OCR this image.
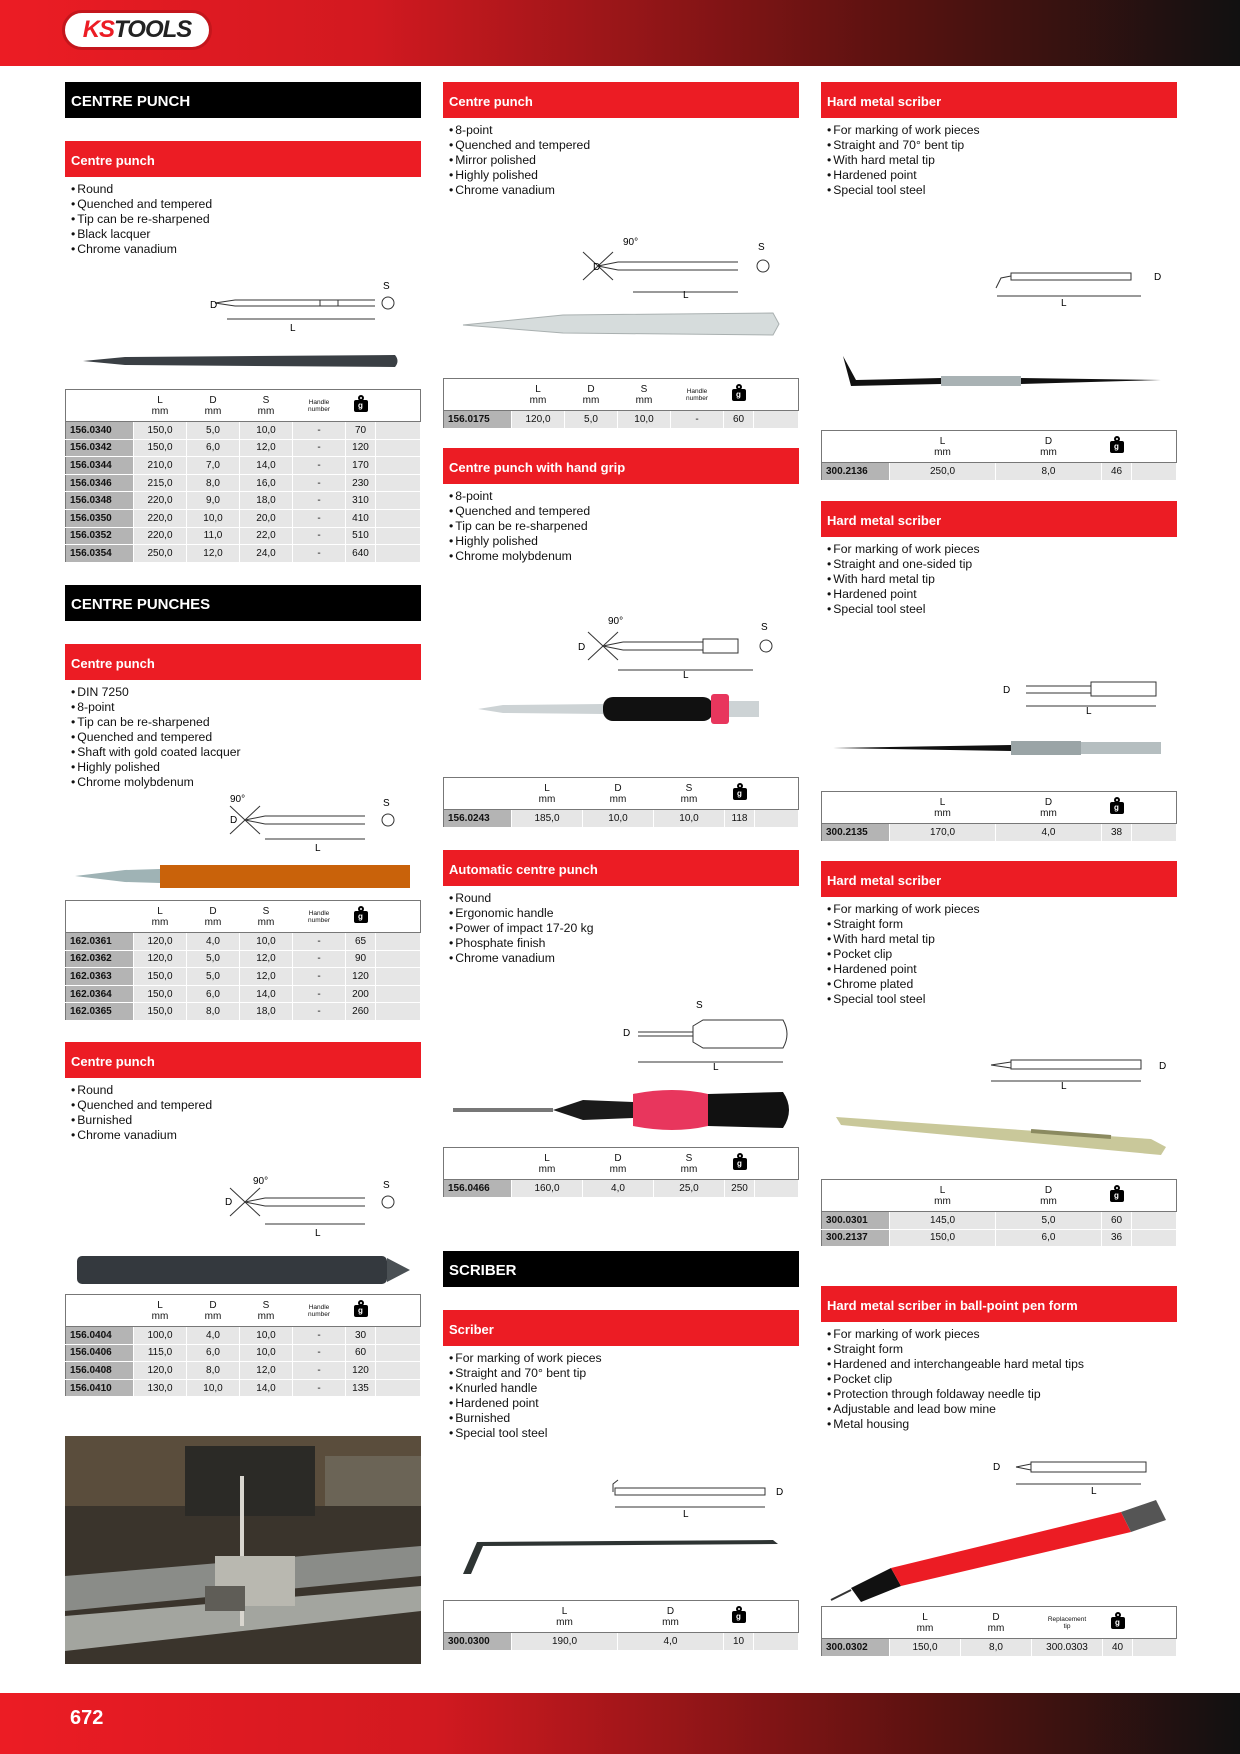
KS TOOLS
CENTRE PUNCH
Centre punch
• Round
• Quenched and tempered
• Tip can be re-sharpened
• Black lacquer
• Chrome vanadium
L
D
S
	L
mm	D
mm	S
mm	Handle
number	g	

156.0340	150,0	5,0	10,0	-	70	
156.0342	150,0	6,0	12,0	-	120	
156.0344	210,0	7,0	14,0	-	170	
156.0346	215,0	8,0	16,0	-	230	
156.0348	220,0	9,0	18,0	-	310	
156.0350	220,0	10,0	20,0	-	410	
156.0352	220,0	11,0	22,0	-	510	
156.0354	250,0	12,0	24,0	-	640	
CENTRE PUNCHES
Centre punch
• DIN 7250
• 8-point
• Tip can be re-sharpened
• Quenched and tempered
• Shaft with gold coated lacquer
• Highly polished
• Chrome molybdenum
L
90°
D
S
	L
mm	D
mm	S
mm	Handle
number	g	

162.0361	120,0	4,0	10,0	-	65	
162.0362	120,0	5,0	12,0	-	90	
162.0363	150,0	5,0	12,0	-	120	
162.0364	150,0	6,0	14,0	-	200	
162.0365	150,0	8,0	18,0	-	260	
Centre punch
• Round
• Quenched and tempered
• Burnished
• Chrome vanadium
L
90°
D
S
	L
mm	D
mm	S
mm	Handle
number	g	

156.0404	100,0	4,0	10,0	-	30	
156.0406	115,0	6,0	10,0	-	60	
156.0408	120,0	8,0	12,0	-	120	
156.0410	130,0	10,0	14,0	-	135	
Centre punch
• 8-point
• Quenched and tempered
• Mirror polished
• Highly polished
• Chrome vanadium
L
90°
D
S
	L
mm	D
mm	S
mm	Handle
number	g	

156.0175	120,0	5,0	10,0	-	60	
Centre punch with hand grip
• 8-point
• Quenched and tempered
• Tip can be re-sharpened
• Highly polished
• Chrome molybdenum
L
90°
D
S
	L
mm	D
mm	S
mm	g	

156.0243	185,0	10,0	10,0	118	
Automatic centre punch
• Round
• Ergonomic handle
• Power of impact 17-20 kg
• Phosphate finish
• Chrome vanadium
L
D
S
	L
mm	D
mm	S
mm	g	

156.0466	160,0	4,0	25,0	250	
SCRIBER
Scriber
• For marking of work pieces
• Straight and 70° bent tip
• Knurled handle
• Hardened point
• Burnished
• Special tool steel
L
D
	L
mm	D
mm	g	

300.0300	190,0	4,0	10	
Hard metal scriber
• For marking of work pieces
• Straight and 70° bent tip
• With hard metal tip
• Hardened point
• Special tool steel
L
D
	L
mm	D
mm	g	

300.2136	250,0	8,0	46	
Hard metal scriber
• For marking of work pieces
• Straight and one-sided tip
• With hard metal tip
• Hardened point
• Special tool steel
L
D
	L
mm	D
mm	g	

300.2135	170,0	4,0	38	
Hard metal scriber
• For marking of work pieces
• Straight form
• With hard metal tip
• Pocket clip
• Hardened point
• Chrome plated
• Special tool steel
L
D
	L
mm	D
mm	g	

300.0301	145,0	5,0	60	
300.2137	150,0	6,0	36	
Hard metal scriber in ball-point pen form
• For marking of work pieces
• Straight form
• Hardened and interchangeable hard metal tips
• Pocket clip
• Protection through foldaway needle tip
• Adjustable and lead bow mine
• Metal housing
L
D
	L
mm	D
mm	Replacement
tip	g	

300.0302	150,0	8,0	300.0303	40	
672
